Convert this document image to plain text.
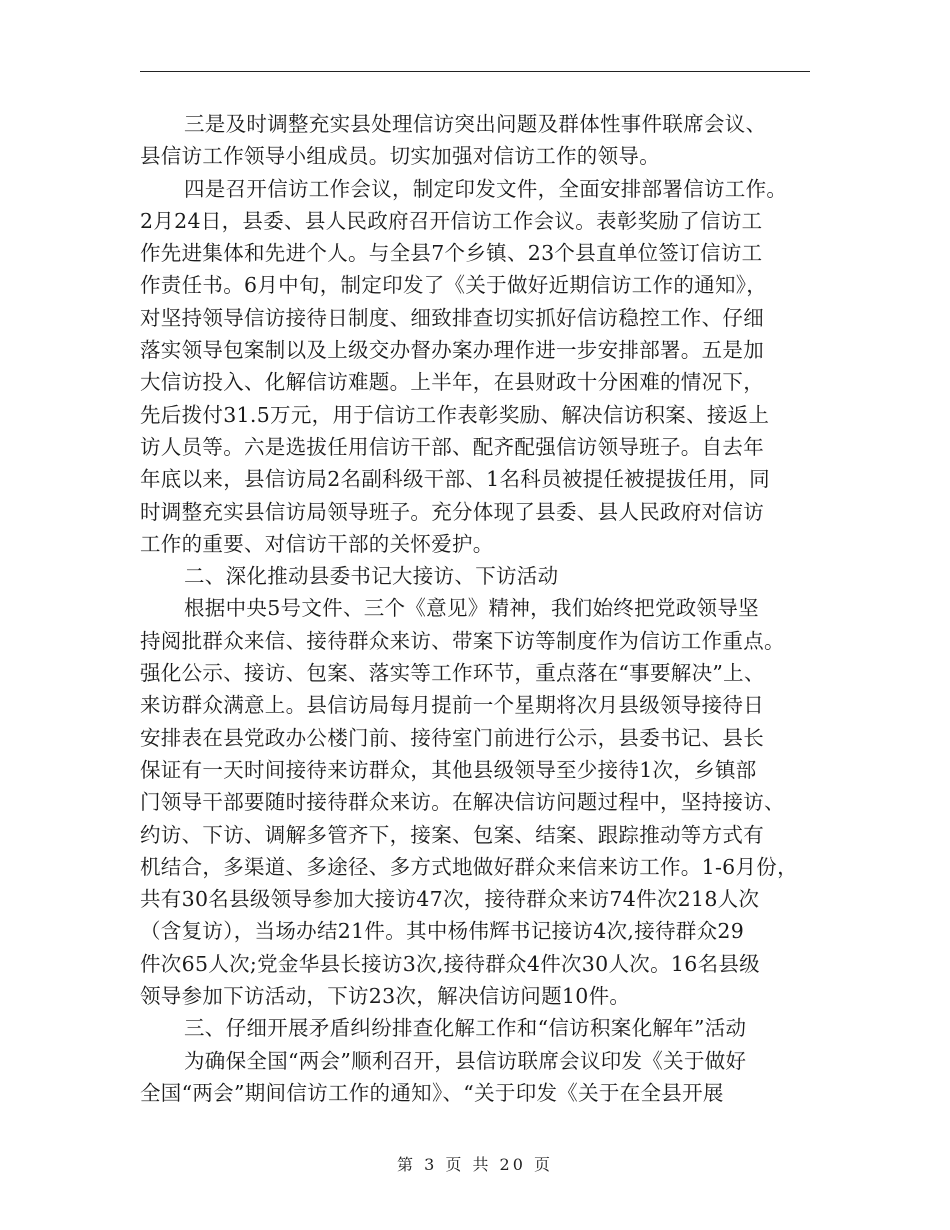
三是及时调整充实县处理信访突出问题及群体性事件联席会议、
县信访工作领导小组成员。切实加强对信访工作的领导。
四是召开信访工作会议，制定印发文件，全面安排部署信访工作。
2月24日，县委、县人民政府召开信访工作会议。表彰奖励了信访工
作先进集体和先进个人。与全县7个乡镇、23个县直单位签订信访工
作责任书。6月中旬，制定印发了《关于做好近期信访工作的通知》，
对坚持领导信访接待日制度、细致排查切实抓好信访稳控工作、仔细
落实领导包案制以及上级交办督办案办理作进一步安排部署。五是加
大信访投入、化解信访难题。上半年，在县财政十分困难的情况下，
先后拨付31.5万元，用于信访工作表彰奖励、解决信访积案、接返上
访人员等。六是选拔任用信访干部、配齐配强信访领导班子。自去年
年底以来，县信访局2名副科级干部、1名科员被提任被提拔任用，同
时调整充实县信访局领导班子。充分体现了县委、县人民政府对信访
工作的重要、对信访干部的关怀爱护。
二、深化推动县委书记大接访、下访活动
根据中央5号文件、三个《意见》精神，我们始终把党政领导坚
持阅批群众来信、接待群众来访、带案下访等制度作为信访工作重点。
强化公示、接访、包案、落实等工作环节，重点落在“事要解决”上、
来访群众满意上。县信访局每月提前一个星期将次月县级领导接待日
安排表在县党政办公楼门前、接待室门前进行公示，县委书记、县长
保证有一天时间接待来访群众，其他县级领导至少接待1次，乡镇部
门领导干部要随时接待群众来访。在解决信访问题过程中，坚持接访、
约访、下访、调解多管齐下，接案、包案、结案、跟踪推动等方式有
机结合，多渠道、多途径、多方式地做好群众来信来访工作。1-6月份，
共有30名县级领导参加大接访47次，接待群众来访74件次218人次
（含复访），当场办结21件。其中杨伟辉书记接访4次,接待群众29
件次65人次;党金华县长接访3次,接待群众4件次30人次。16名县级
领导参加下访活动，下访23次，解决信访问题10件。
三、仔细开展矛盾纠纷排查化解工作和“信访积案化解年”活动
为确保全国“两会”顺利召开，县信访联席会议印发《关于做好
全国“两会”期间信访工作的通知》、“关于印发《关于在全县开展
第 3 页 共 20 页
